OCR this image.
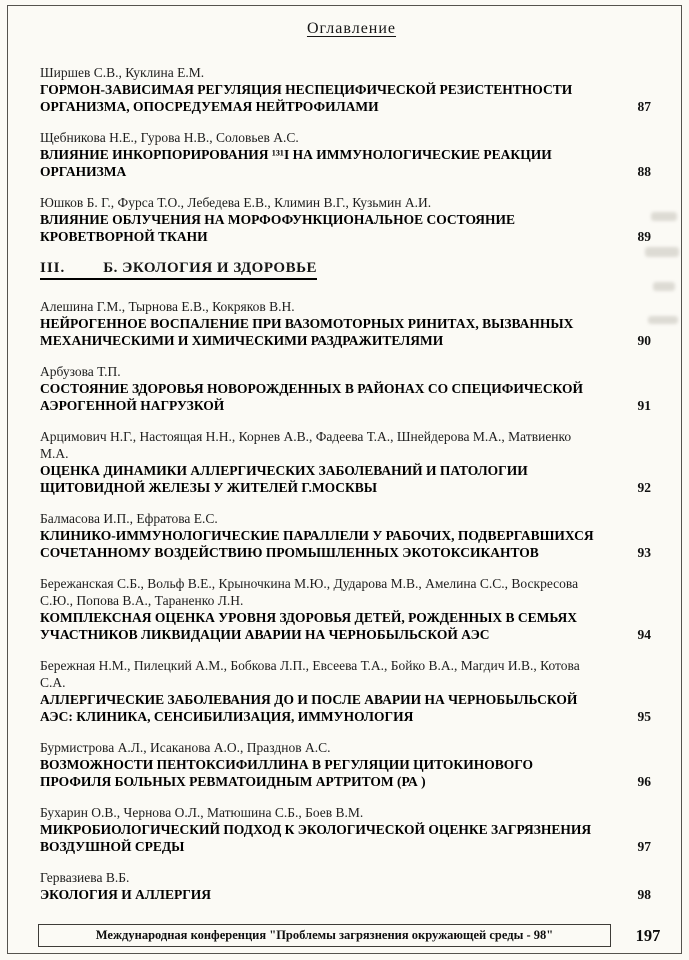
Оглавление
Ширшев С.В., Куклина Е.М.
ГОРМОН-ЗАВИСИМАЯ РЕГУЛЯЦИЯ НЕСПЕЦИФИЧЕСКОЙ РЕЗИСТЕНТНОСТИ ОРГАНИЗМА, ОПОСРЕДУЕМАЯ НЕЙТРОФИЛАМИ	87
Щебникова Н.Е., Гурова Н.В., Соловьев А.С.
ВЛИЯНИЕ ИНКОРПОРИРОВАНИЯ ¹³¹I НА ИММУНОЛОГИЧЕСКИЕ РЕАКЦИИ ОРГАНИЗМА	88
Юшков Б. Г., Фурса Т.О., Лебедева Е.В., Климин В.Г., Кузьмин А.И.
ВЛИЯНИЕ ОБЛУЧЕНИЯ НА МОРФОФУНКЦИОНАЛЬНОЕ СОСТОЯНИЕ КРОВЕТВОРНОЙ ТКАНИ	89
III.	Б. ЭКОЛОГИЯ И ЗДОРОВЬЕ
Алешина Г.М., Тырнова Е.В., Кокряков В.Н.
НЕЙРОГЕННОЕ ВОСПАЛЕНИЕ ПРИ ВАЗОМОТОРНЫХ РИНИТАХ, ВЫЗВАННЫХ МЕХАНИЧЕСКИМИ И ХИМИЧЕСКИМИ РАЗДРАЖИТЕЛЯМИ	90
Арбузова Т.П.
СОСТОЯНИЕ ЗДОРОВЬЯ НОВОРОЖДЕННЫХ В РАЙОНАХ СО СПЕЦИФИЧЕСКОЙ АЭРОГЕННОЙ НАГРУЗКОЙ	91
Арцимович Н.Г., Настоящая Н.Н., Корнев А.В., Фадеева Т.А., Шнейдерова М.А., Матвиенко М.А.
ОЦЕНКА ДИНАМИКИ АЛЛЕРГИЧЕСКИХ ЗАБОЛЕВАНИЙ И ПАТОЛОГИИ ЩИТОВИДНОЙ ЖЕЛЕЗЫ У ЖИТЕЛЕЙ Г.МОСКВЫ	92
Балмасова И.П., Ефратова Е.С.
КЛИНИКО-ИММУНОЛОГИЧЕСКИЕ ПАРАЛЛЕЛИ У РАБОЧИХ, ПОДВЕРГАВШИХСЯ СОЧЕТАННОМУ ВОЗДЕЙСТВИЮ ПРОМЫШЛЕННЫХ ЭКОТОКСИКАНТОВ	93
Бережанская С.Б., Вольф В.Е., Крыночкина М.Ю., Дударова М.В., Амелина С.С., Воскресова С.Ю., Попова В.А., Тараненко Л.Н.
КОМПЛЕКСНАЯ ОЦЕНКА УРОВНЯ ЗДОРОВЬЯ ДЕТЕЙ, РОЖДЕННЫХ В СЕМЬЯХ УЧАСТНИКОВ ЛИКВИДАЦИИ АВАРИИ НА ЧЕРНОБЫЛЬСКОЙ АЭС	94
Бережная Н.М., Пилецкий А.М., Бобкова Л.П., Евсеева Т.А., Бойко В.А., Магдич И.В., Котова С.А.
АЛЛЕРГИЧЕСКИЕ ЗАБОЛЕВАНИЯ ДО И ПОСЛЕ АВАРИИ НА ЧЕРНОБЫЛЬСКОЙ АЭС: КЛИНИКА, СЕНСИБИЛИЗАЦИЯ, ИММУНОЛОГИЯ	95
Бурмистрова А.Л., Исаканова А.О., Празднов А.С.
ВОЗМОЖНОСТИ ПЕНТОКСИФИЛЛИНА В РЕГУЛЯЦИИ ЦИТОКИНОВОГО ПРОФИЛЯ БОЛЬНЫХ РЕВМАТОИДНЫМ АРТРИТОМ (РА )	96
Бухарин О.В., Чернова О.Л., Матюшина С.Б., Боев В.М.
МИКРОБИОЛОГИЧЕСКИЙ ПОДХОД К ЭКОЛОГИЧЕСКОЙ ОЦЕНКЕ ЗАГРЯЗНЕНИЯ ВОЗДУШНОЙ СРЕДЫ	97
Гервазиева В.Б.
ЭКОЛОГИЯ И АЛЛЕРГИЯ	98
Международная конференция "Проблемы загрязнения окружающей среды - 98"	197
